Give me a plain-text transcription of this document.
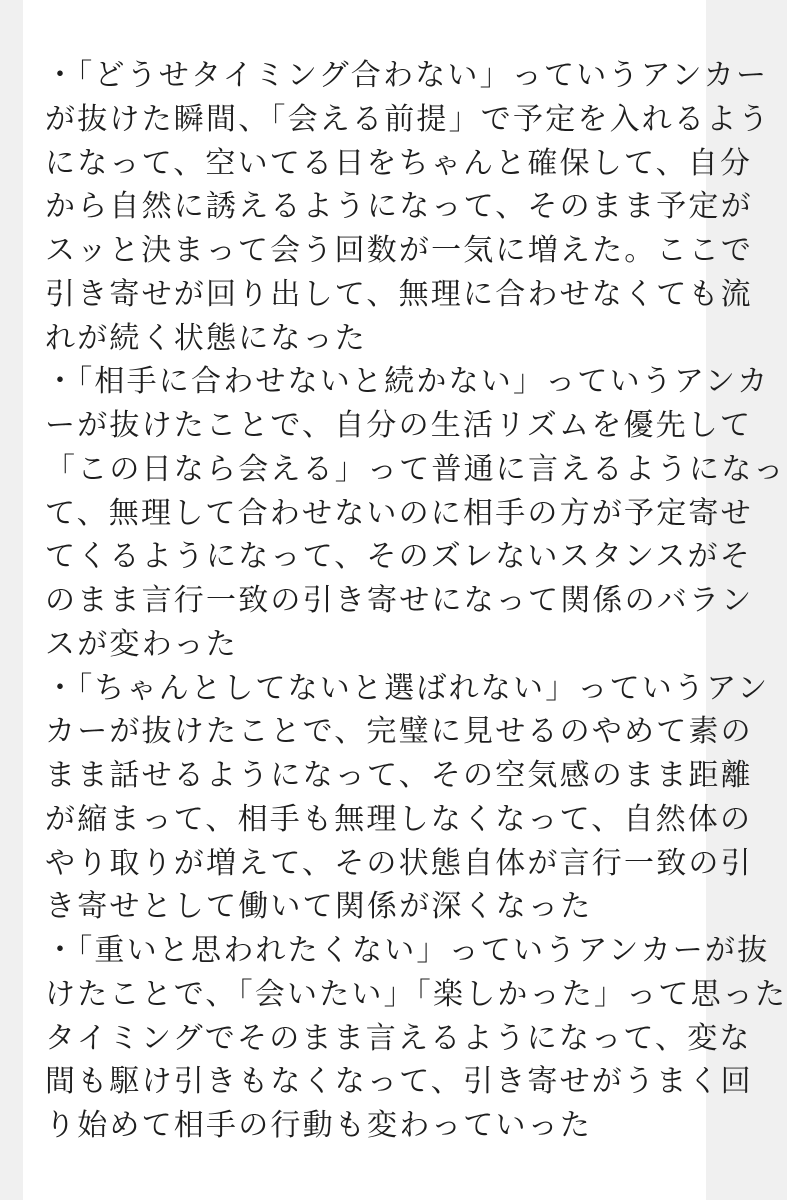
・「どうせタイミング合わない」っていうアンカー
が抜けた瞬間、「会える前提」で予定を入れるよう
になって、空いてる日をちゃんと確保して、自分
から自然に誘えるようになって、そのまま予定が
スッと決まって会う回数が一気に増えた。ここで
引き寄せが回り出して、無理に合わせなくても流
れが続く状態になった
・「相手に合わせないと続かない」っていうアンカ
ーが抜けたことで、自分の生活リズムを優先して
「この日なら会える」って普通に言えるようになっ
て、無理して合わせないのに相手の方が予定寄せ
てくるようになって、そのズレないスタンスがそ
のまま言行一致の引き寄せになって関係のバラン
スが変わった
・「ちゃんとしてないと選ばれない」っていうアン
カーが抜けたことで、完璧に見せるのやめて素の
まま話せるようになって、その空気感のまま距離
が縮まって、相手も無理しなくなって、自然体の
やり取りが増えて、その状態自体が言行一致の引
き寄せとして働いて関係が深くなった
・「重いと思われたくない」っていうアンカーが抜
けたことで、「会いたい」「楽しかった」って思った
タイミングでそのまま言えるようになって、変な
間も駆け引きもなくなって、引き寄せがうまく回
り始めて相手の行動も変わっていった
